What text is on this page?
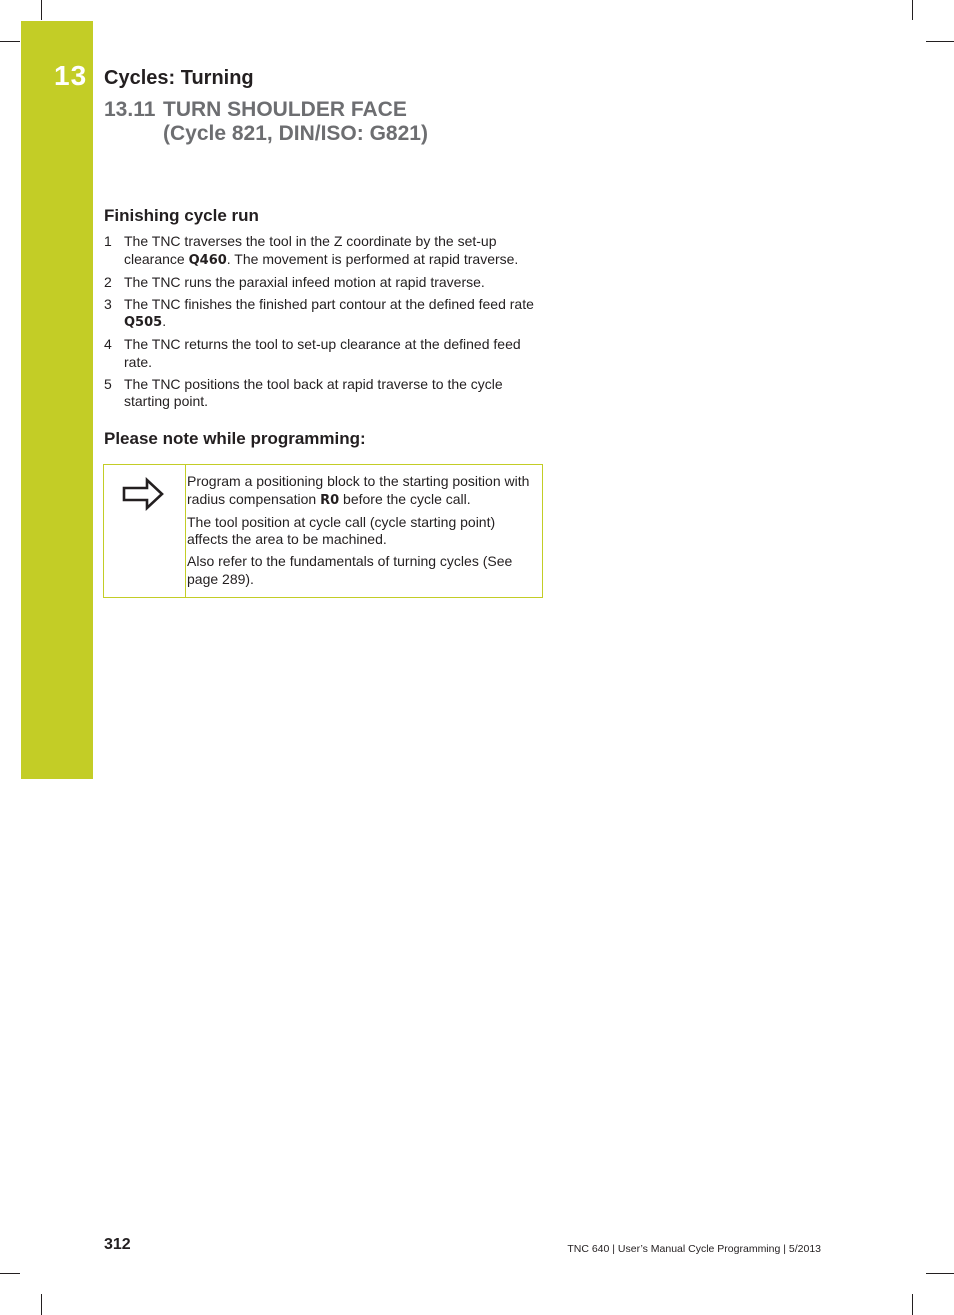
13 Cycles: Turning
13.11 TURN SHOULDER FACE
(Cycle 821, DIN/ISO: G821)
Finishing cycle run
1 The TNC traverses the tool in the Z coordinate by the set-up clearance Q460. The movement is performed at rapid traverse.
2 The TNC runs the paraxial infeed motion at rapid traverse.
3 The TNC finishes the finished part contour at the defined feed rate Q505.
4 The TNC returns the tool to set-up clearance at the defined feed rate.
5 The TNC positions the tool back at rapid traverse to the cycle starting point.
Please note while programming:

Program a positioning block to the starting position with radius compensation R0 before the cycle call.

The tool position at cycle call (cycle starting point) affects the area to be machined.

Also refer to the fundamentals of turning cycles (See page 289).

312	TNC 640 | User’s Manual Cycle Programming | 5/2013
